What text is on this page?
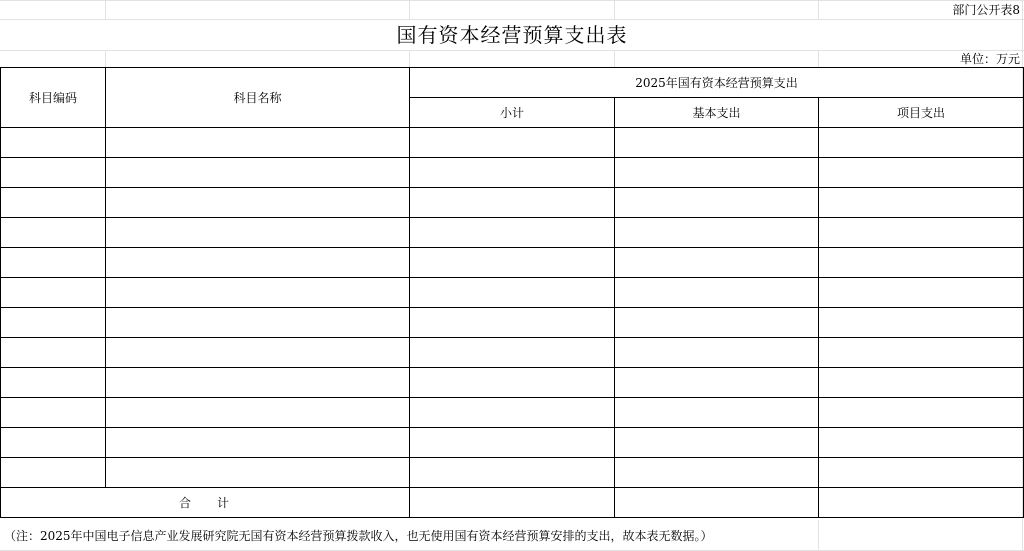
部门公开表8
国有资本经营预算支出表
单位：万元
科目编码	科目名称	2025年国有资本经营预算支出		
		小计	基本支出	项目支出

合 计				
（注：2025年中国电子信息产业发展研究院无国有资本经营预算拨款收入，也无使用国有资本经营预算安排的支出，故本表无数据。）
